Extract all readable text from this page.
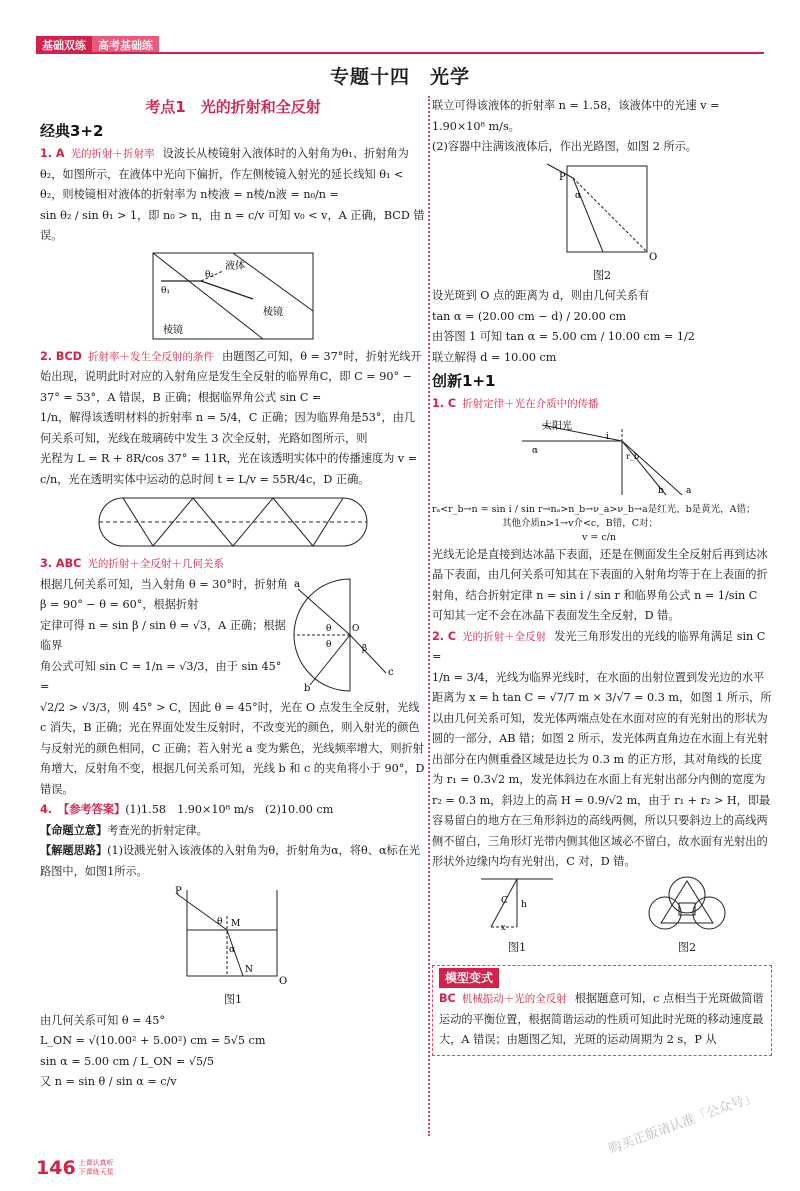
基础双练	高考基础练
专题十四　光学
考点1　光的折射和全反射
经典3+2

1. A 光的折射＋折射率 设波长从棱镜射入液体时的入射角为θ₁、折射角为θ₂，如图所示，在液体中光向下偏折，作左侧棱镜入射光的延长线知 θ₁ < θ₂，则棱镜相对液体的折射率为 n棱液 = n棱/n液 = n₀/n =

sin θ₂ / sin θ₁ > 1，即 n₀ > n，由 n = c/v 可知 v₀ < v，A 正确，BCD 错误。

θ₂
液体
θ₁
棱镜
棱镜

2. BCD 折射率＋发生全反射的条件 由题图乙可知，θ = 37°时，折射光线开始出现，说明此时对应的入射角应是发生全反射的临界角C，即 C = 90° − 37° = 53°，A 错误，B 正确；根据临界角公式 sin C =

1/n，解得该透明材料的折射率 n = 5/4，C 正确；因为临界角是53°，由几何关系可知，光线在玻璃砖中发生 3 次全反射，光路如图所示，则

光程为 L = R + 8R/cos 37° = 11R，光在该透明实体中的传播速度为 v =

c/n，光在透明实体中运动的总时间 t = L/v = 55R/4c，D 正确。

3. ABC 光的折射＋全反射＋几何关系

根据几何关系可知，当入射角 θ = 30°时，折射角 β = 90° − θ = 60°，根据折射

定律可得 n = sin β / sin θ = √3，A 正确；根据临界

角公式可知 sin C = 1/n = √3/3，由于 sin 45° =

a
θ
θ
O
β
c
b

√2/2 > √3/3，则 45° > C，因此 θ = 45°时，光在 O 点发生全反射，光线 c 消失，B 正确；光在界面处发生反射时，不改变光的颜色，则入射光的颜色与反射光的颜色相同，C 正确；若入射光 a 变为紫色，光线频率增大，则折射角增大，反射角不变，根据几何关系可知，光线 b 和 c 的夹角将小于 90°，D 错误。

4. 【参考答案】(1)1.58　1.90×10⁸ m/s　(2)10.00 cm

【命题立意】考查光的折射定律。

【解题思路】(1)设溅光射入该液体的入射角为θ，折射角为α，将θ、α标在光路图中，如图1所示。

P
θ M
α
N
O

图1

由几何关系可知 θ = 45°

L_ON = √(10.00² + 5.00²) cm = 5√5 cm

sin α = 5.00 cm / L_ON = √5/5

又 n = sin θ / sin α = c/v

联立可得该液体的折射率 n = 1.58，该液体中的光速 v = 1.90×10⁸ m/s。

(2)容器中注满该液体后，作出光路图，如图 2 所示。

P
α
O

图2

设光斑到 O 点的距离为 d，则由几何关系有

tan α = (20.00 cm − d) / 20.00 cm

由答图 1 可知 tan α = 5.00 cm / 10.00 cm = 1/2

联立解得 d = 10.00 cm

创新1+1

1. C 折射定律＋光在介质中的传播

太阳光
α
i
r_b
b a

rₐ<r_b→n = sin i / sin r→nₐ>n_b→ν_a>ν_b→a是红光、b是黄光，A错；

其他介质n>1→v介<c，B错，C对；

v = c/n

光线无论是直接到达冰晶下表面，还是在侧面发生全反射后再到达冰晶下表面，由几何关系可知其在下表面的入射角均等于在上表面的折射角，结合折射定律 n = sin i / sin r 和临界角公式 n = 1/sin C 可知其一定不会在冰晶下表面发生全反射，D 错。

2. C 光的折射＋全反射 发光三角形发出的光线的临界角满足 sin C =

1/n = 3/4，光线为临界光线时，在水面的出射位置到发光边的水平距离为 x = h tan C = √7/7 m × 3/√7 = 0.3 m，如图 1 所示，所以由几何关系可知，发光体两端点处在水面对应的有光射出的形状为圆的一部分，AB 错；如图 2 所示，发光体两直角边在水面上有光射出部分在内侧重叠区域是边长为 0.3 m 的正方形，其对角线的长度为 r₁ = 0.3√2 m，发光体斜边在水面上有光射出部分内侧的宽度为 r₂ = 0.3 m，斜边上的高 H = 0.9/√2 m，由于 r₁ + r₂ > H，即最容易留白的地方在三角形斜边的高线两侧，所以只要斜边上的高线两侧不留白，三角形灯光带内侧其他区域必不留白，故水面有光射出的形状外边缘内均有光射出，C 对，D 错。

C h
x

图1	图2

模型变式

BC 机械振动＋光的全反射 根据题意可知，c 点相当于光斑做简谐运动的平衡位置，根据简谐运动的性质可知此时光斑的移动速度最大，A 错误；由题图乙知，光斑的运动周期为 2 s，P 从

146 上课认真听
下课练天星
购买正版请认准「公众号」
